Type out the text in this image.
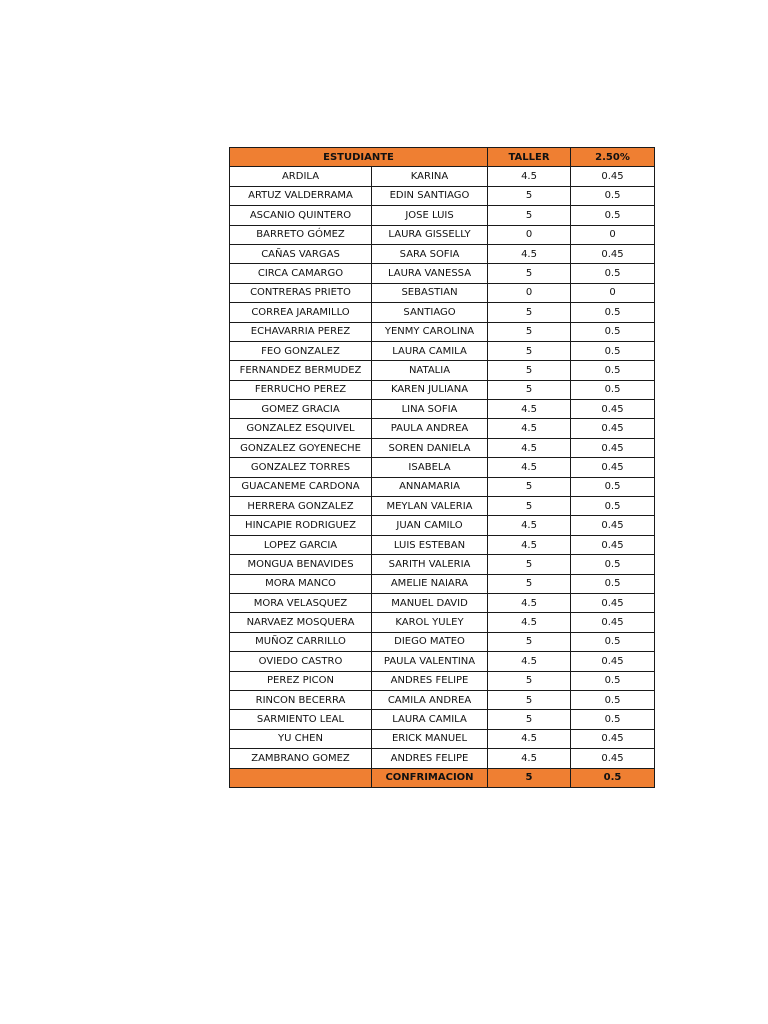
ESTUDIANTE		TALLER	2.50%
ARDILA	KARINA	4.5	0.45
ARTUZ VALDERRAMA	EDIN SANTIAGO	5	0.5
ASCANIO QUINTERO	JOSE LUIS	5	0.5
BARRETO GÓMEZ	LAURA GISSELLY	0	0
CAÑAS VARGAS	SARA SOFIA	4.5	0.45
CIRCA CAMARGO	LAURA VANESSA	5	0.5
CONTRERAS PRIETO	SEBASTIAN	0	0
CORREA JARAMILLO	SANTIAGO	5	0.5
ECHAVARRIA PEREZ	YENMY CAROLINA	5	0.5
FEO GONZALEZ	LAURA CAMILA	5	0.5
FERNANDEZ BERMUDEZ	NATALIA	5	0.5
FERRUCHO PEREZ	KAREN JULIANA	5	0.5
GOMEZ GRACIA	LINA SOFIA	4.5	0.45
GONZALEZ ESQUIVEL	PAULA ANDREA	4.5	0.45
GONZALEZ GOYENECHE	SOREN DANIELA	4.5	0.45
GONZALEZ TORRES	ISABELA	4.5	0.45
GUACANEME CARDONA	ANNAMARIA	5	0.5
HERRERA GONZALEZ	MEYLAN VALERIA	5	0.5
HINCAPIE RODRIGUEZ	JUAN CAMILO	4.5	0.45
LOPEZ GARCIA	LUIS ESTEBAN	4.5	0.45
MONGUA BENAVIDES	SARITH VALERIA	5	0.5
MORA MANCO	AMELIE NAIARA	5	0.5
MORA VELASQUEZ	MANUEL DAVID	4.5	0.45
NARVAEZ MOSQUERA	KAROL YULEY	4.5	0.45
MUÑOZ CARRILLO	DIEGO MATEO	5	0.5
OVIEDO CASTRO	PAULA VALENTINA	4.5	0.45
PEREZ PICON	ANDRES FELIPE	5	0.5
RINCON BECERRA	CAMILA ANDREA	5	0.5
SARMIENTO LEAL	LAURA CAMILA	5	0.5
YU CHEN	ERICK MANUEL	4.5	0.45
ZAMBRANO GOMEZ	ANDRES FELIPE	4.5	0.45
	CONFRIMACION	5	0.5
